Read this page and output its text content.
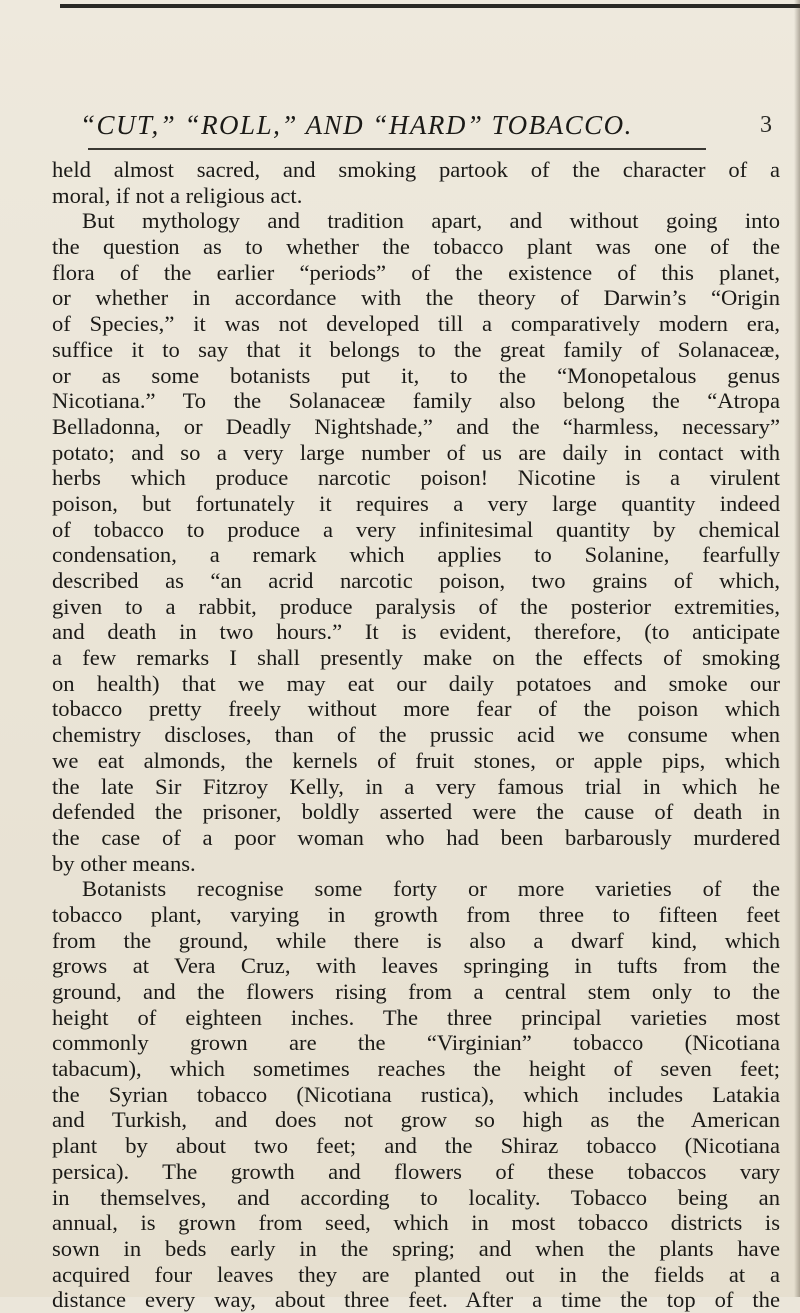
“CUT,” “ROLL,” AND “HARD” TOBACCO.	3
held almost sacred, and smoking partook of the character of a
moral, if not a religious act.
But mythology and tradition apart, and without going into
the question as to whether the tobacco plant was one of the
flora of the earlier “periods” of the existence of this planet,
or whether in accordance with the theory of Darwin’s “Origin
of Species,” it was not developed till a comparatively modern era,
suffice it to say that it belongs to the great family of Solanaceæ,
or as some botanists put it, to the “Monopetalous genus
Nicotiana.” To the Solanaceæ family also belong the “Atropa
Belladonna, or Deadly Nightshade,” and the “harmless, necessary”
potato; and so a very large number of us are daily in contact with
herbs which produce narcotic poison! Nicotine is a virulent
poison, but fortunately it requires a very large quantity indeed
of tobacco to produce a very infinitesimal quantity by chemical
condensation, a remark which applies to Solanine, fearfully
described as “an acrid narcotic poison, two grains of which,
given to a rabbit, produce paralysis of the posterior extremities,
and death in two hours.” It is evident, therefore, (to anticipate
a few remarks I shall presently make on the effects of smoking
on health) that we may eat our daily potatoes and smoke our
tobacco pretty freely without more fear of the poison which
chemistry discloses, than of the prussic acid we consume when
we eat almonds, the kernels of fruit stones, or apple pips, which
the late Sir Fitzroy Kelly, in a very famous trial in which he
defended the prisoner, boldly asserted were the cause of death in
the case of a poor woman who had been barbarously murdered
by other means.
Botanists recognise some forty or more varieties of the
tobacco plant, varying in growth from three to fifteen feet
from the ground, while there is also a dwarf kind, which
grows at Vera Cruz, with leaves springing in tufts from the
ground, and the flowers rising from a central stem only to the
height of eighteen inches. The three principal varieties most
commonly grown are the “Virginian” tobacco (Nicotiana
tabacum), which sometimes reaches the height of seven feet;
the Syrian tobacco (Nicotiana rustica), which includes Latakia
and Turkish, and does not grow so high as the American
plant by about two feet; and the Shiraz tobacco (Nicotiana
persica). The growth and flowers of these tobaccos vary
in themselves, and according to locality. Tobacco being an
annual, is grown from seed, which in most tobacco districts is
sown in beds early in the spring; and when the plants have
acquired four leaves they are planted out in the fields at a
distance every way, about three feet. After a time the top of the
